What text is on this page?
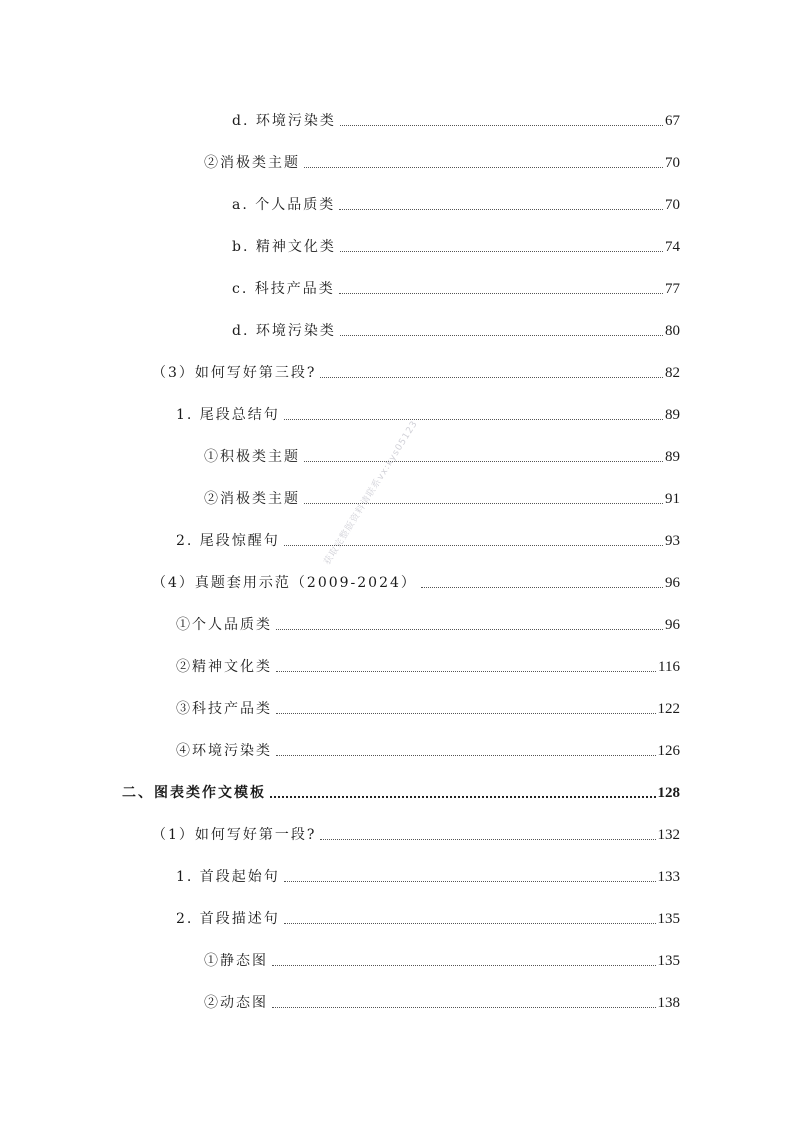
d. 环境污染类	67
②消极类主题	70
a. 个人品质类	70
b. 精神文化类	74
c. 科技产品类	77
d. 环境污染类	80
（3）如何写好第三段?	82
1. 尾段总结句	89
①积极类主题	89
②消极类主题	91
2. 尾段惊醒句	93
（4）真题套用示范（2009-2024）	96
①个人品质类	96
②精神文化类	116
③科技产品类	122
④环境污染类	126
二、图表类作文模板	128
（1）如何写好第一段?	132
1. 首段起始句	133
2. 首段描述句	135
①静态图	135
②动态图	138
获取完整版资料请联系vx:kys05123
